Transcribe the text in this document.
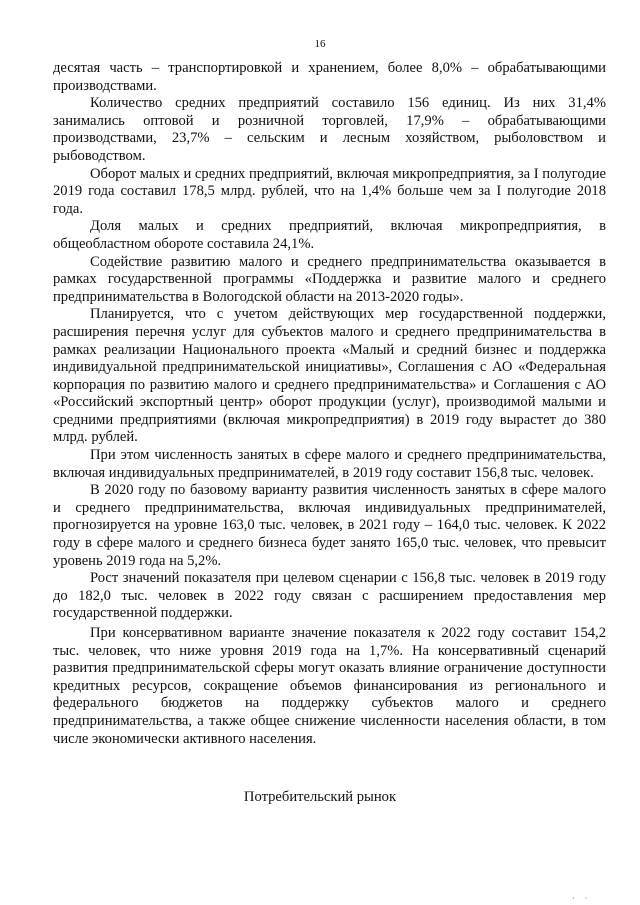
16

десятая часть – транспортировкой и хранением, более 8,0% – обрабатывающими производствами.

Количество средних предприятий составило 156 единиц. Из них 31,4% занимались оптовой и розничной торговлей, 17,9% – обрабатывающими производствами, 23,7% – сельским и лесным хозяйством, рыболовством и рыбоводством.

Оборот малых и средних предприятий, включая микропредприятия, за I полугодие 2019 года составил 178,5 млрд. рублей, что на 1,4% больше чем за I полугодие 2018 года.

Доля малых и средних предприятий, включая микропредприятия, в общеобластном обороте составила 24,1%.

Содействие развитию малого и среднего предпринимательства оказывается в рамках государственной программы «Поддержка и развитие малого и среднего предпринимательства в Вологодской области на 2013-2020 годы».

Планируется, что с учетом действующих мер государственной поддержки, расширения перечня услуг для субъектов малого и среднего предпринимательства в рамках реализации Национального проекта «Малый и средний бизнес и поддержка индивидуальной предпринимательской инициативы», Соглашения с АО «Федеральная корпорация по развитию малого и среднего предпринимательства» и Соглашения с АО «Российский экспортный центр» оборот продукции (услуг), производимой малыми и средними предприятиями (включая микропредприятия) в 2019 году вырастет до 380 млрд. рублей.

При этом численность занятых в сфере малого и среднего предпринимательства, включая индивидуальных предпринимателей, в 2019 году составит 156,8 тыс. человек.

В 2020 году по базовому варианту развития численность занятых в сфере малого и среднего предпринимательства, включая индивидуальных предпринимателей, прогнозируется на уровне 163,0 тыс. человек, в 2021 году – 164,0 тыс. человек. К 2022 году в сфере малого и среднего бизнеса будет занято 165,0 тыс. человек, что превысит уровень 2019 года на 5,2%.

Рост значений показателя при целевом сценарии с 156,8 тыс. человек в 2019 году до 182,0 тыс. человек в 2022 году связан с расширением предоставления мер государственной поддержки.

При консервативном варианте значение показателя к 2022 году составит 154,2 тыс. человек, что ниже уровня 2019 года на 1,7%. На консервативный сценарий развития предпринимательской сферы могут оказать влияние ограничение доступности кредитных ресурсов, сокращение объемов финансирования из регионального и федерального бюджетов на поддержку субъектов малого и среднего предпринимательства, а также общее снижение численности населения области, в том числе экономически активного населения.

Потребительский рынок
· ·
